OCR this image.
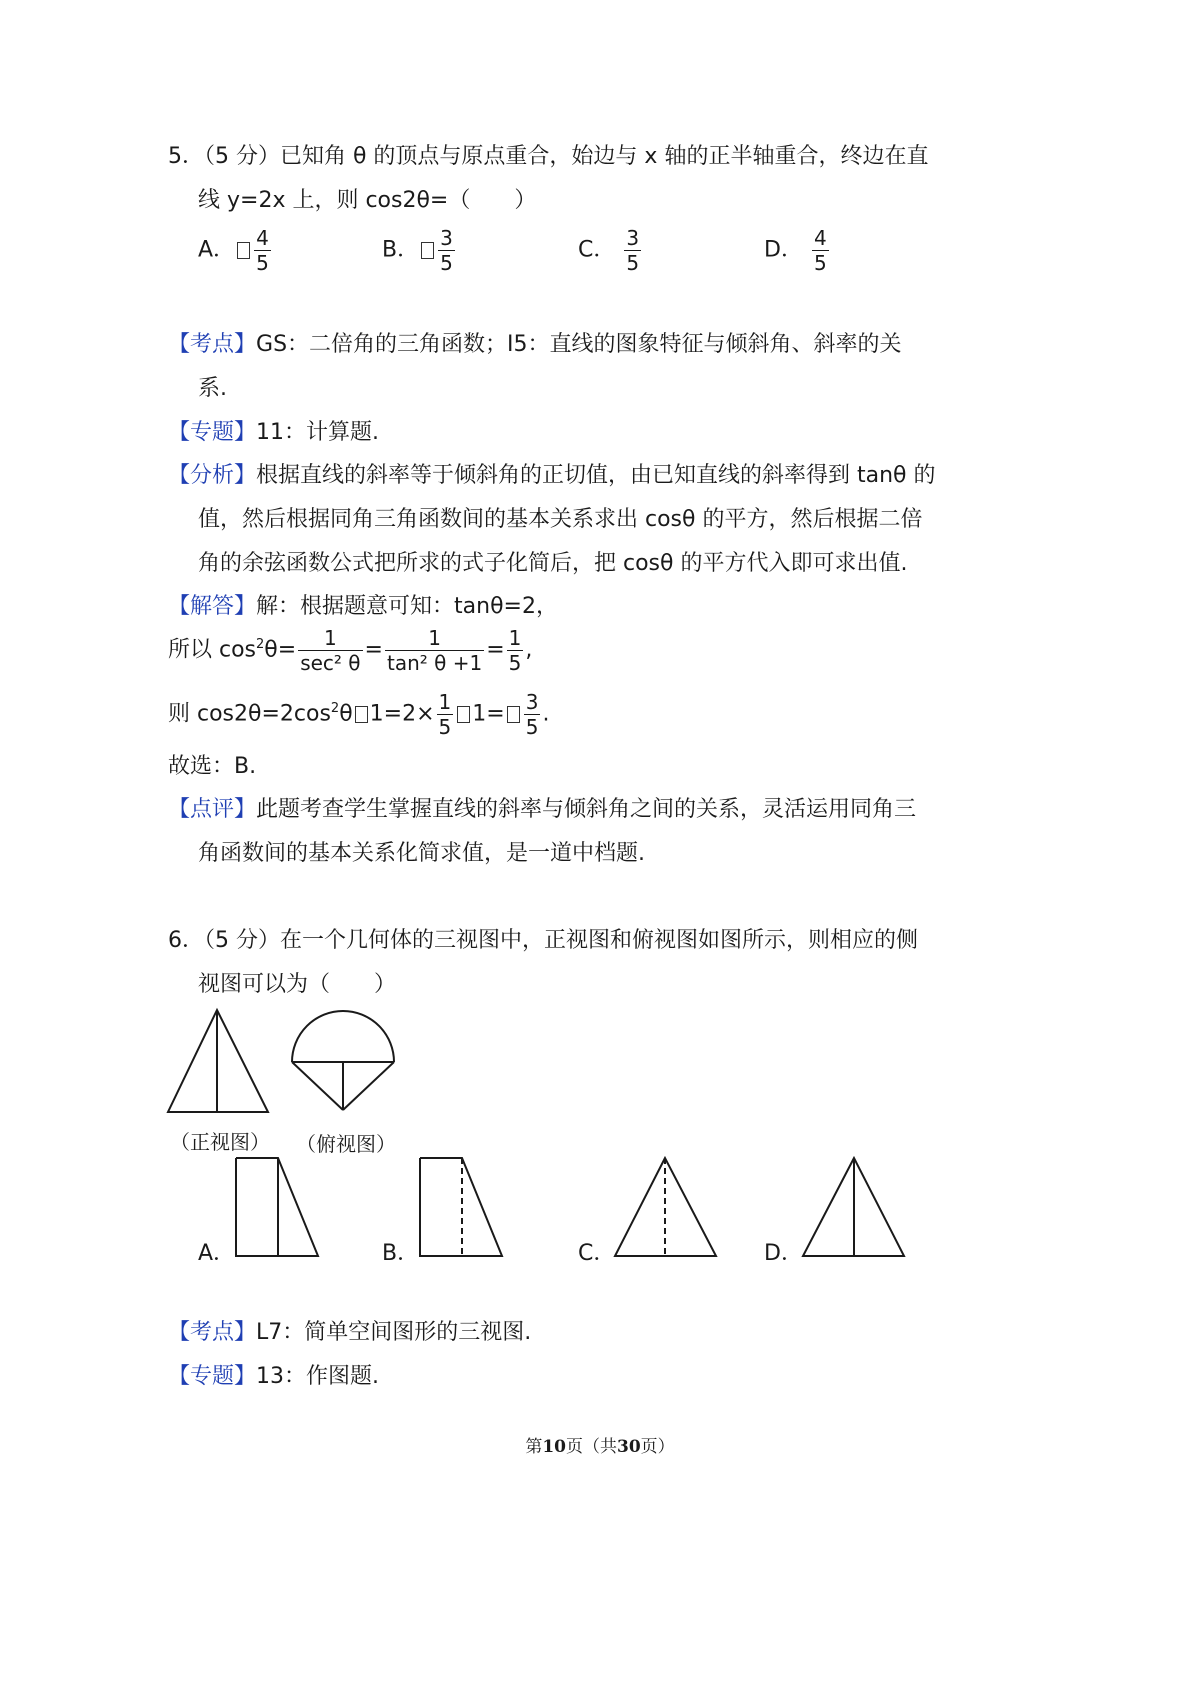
5．（5 分）已知角 θ 的顶点与原点重合，始边与 x 轴的正半轴重合，终边在直
线 y=2x 上，则 cos2θ=（　　）
A． $\frac{4}{5}$	B． $\frac{3}{5}$	C． $\frac{3}{5}$	D． $\frac{4}{5}$
【考点】GS：二倍角的三角函数；I5：直线的图象特征与倾斜角、斜率的关
系.
【专题】11：计算题.
【分析】根据直线的斜率等于倾斜角的正切值，由已知直线的斜率得到 tanθ 的
值，然后根据同角三角函数间的基本关系求出 cosθ 的平方，然后根据二倍
角的余弦函数公式把所求的式子化简后，把 cosθ 的平方代入即可求出值.
【解答】解：根据题意可知：tanθ=2，
所以 $\cos^2\theta= \frac{1}{\text{sec² θ}} = \frac{1}{\text{tan² θ +1}} = \frac{1}{5}$ ,
则 $\cos 2\theta=2\cos^2\theta$ $1=2\times \frac{1}{5} 1= \frac{3}{5}$ .
故选：B.
【点评】此题考查学生掌握直线的斜率与倾斜角之间的关系，灵活运用同角三
角函数间的基本关系化简求值，是一道中档题.
6．（5 分）在一个几何体的三视图中，正视图和俯视图如图所示，则相应的侧
视图可以为（　　）
（正视图） （俯视图）
A．	B．	C．	D．
【考点】L7：简单空间图形的三视图.
【专题】13：作图题.
第10页（共30页）
